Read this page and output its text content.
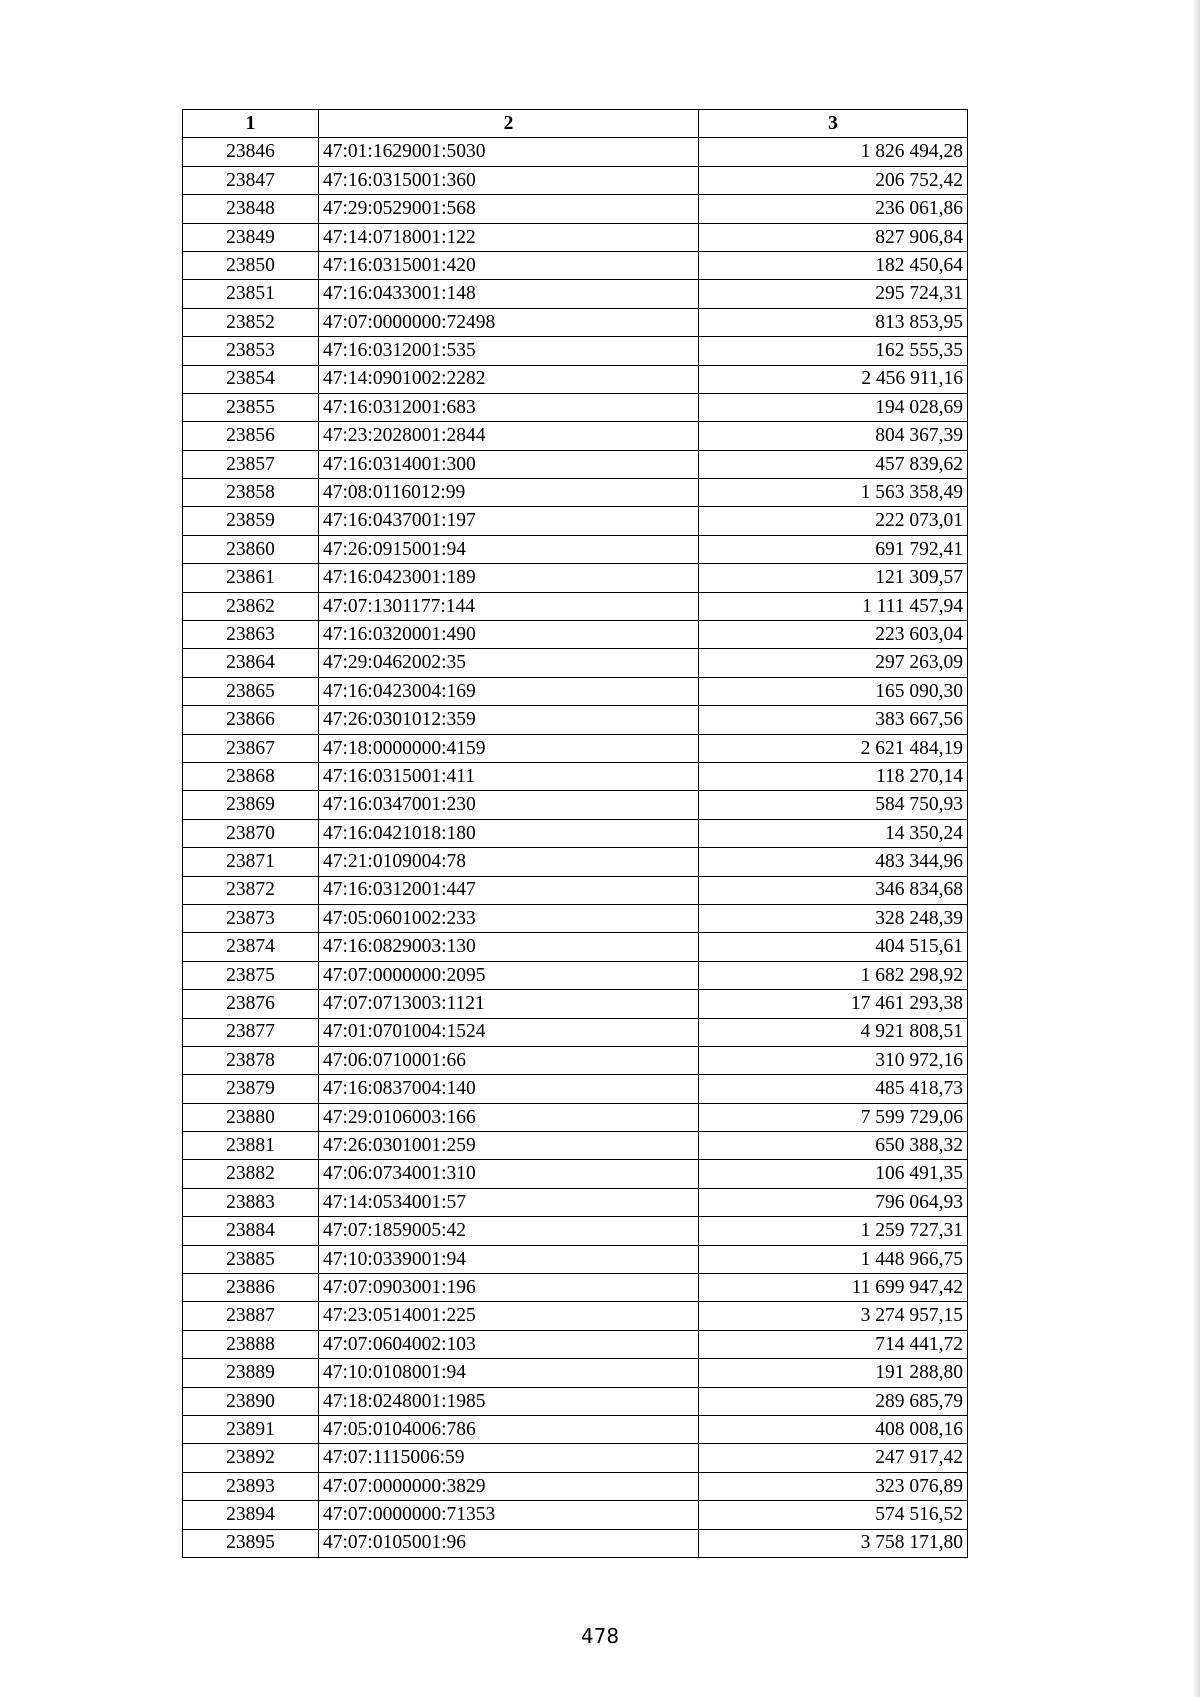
1	2	3
23846	47:01:1629001:5030	1 826 494,28
23847	47:16:0315001:360	206 752,42
23848	47:29:0529001:568	236 061,86
23849	47:14:0718001:122	827 906,84
23850	47:16:0315001:420	182 450,64
23851	47:16:0433001:148	295 724,31
23852	47:07:0000000:72498	813 853,95
23853	47:16:0312001:535	162 555,35
23854	47:14:0901002:2282	2 456 911,16
23855	47:16:0312001:683	194 028,69
23856	47:23:2028001:2844	804 367,39
23857	47:16:0314001:300	457 839,62
23858	47:08:0116012:99	1 563 358,49
23859	47:16:0437001:197	222 073,01
23860	47:26:0915001:94	691 792,41
23861	47:16:0423001:189	121 309,57
23862	47:07:1301177:144	1 111 457,94
23863	47:16:0320001:490	223 603,04
23864	47:29:0462002:35	297 263,09
23865	47:16:0423004:169	165 090,30
23866	47:26:0301012:359	383 667,56
23867	47:18:0000000:4159	2 621 484,19
23868	47:16:0315001:411	118 270,14
23869	47:16:0347001:230	584 750,93
23870	47:16:0421018:180	14 350,24
23871	47:21:0109004:78	483 344,96
23872	47:16:0312001:447	346 834,68
23873	47:05:0601002:233	328 248,39
23874	47:16:0829003:130	404 515,61
23875	47:07:0000000:2095	1 682 298,92
23876	47:07:0713003:1121	17 461 293,38
23877	47:01:0701004:1524	4 921 808,51
23878	47:06:0710001:66	310 972,16
23879	47:16:0837004:140	485 418,73
23880	47:29:0106003:166	7 599 729,06
23881	47:26:0301001:259	650 388,32
23882	47:06:0734001:310	106 491,35
23883	47:14:0534001:57	796 064,93
23884	47:07:1859005:42	1 259 727,31
23885	47:10:0339001:94	1 448 966,75
23886	47:07:0903001:196	11 699 947,42
23887	47:23:0514001:225	3 274 957,15
23888	47:07:0604002:103	714 441,72
23889	47:10:0108001:94	191 288,80
23890	47:18:0248001:1985	289 685,79
23891	47:05:0104006:786	408 008,16
23892	47:07:1115006:59	247 917,42
23893	47:07:0000000:3829	323 076,89
23894	47:07:0000000:71353	574 516,52
23895	47:07:0105001:96	3 758 171,80
478
